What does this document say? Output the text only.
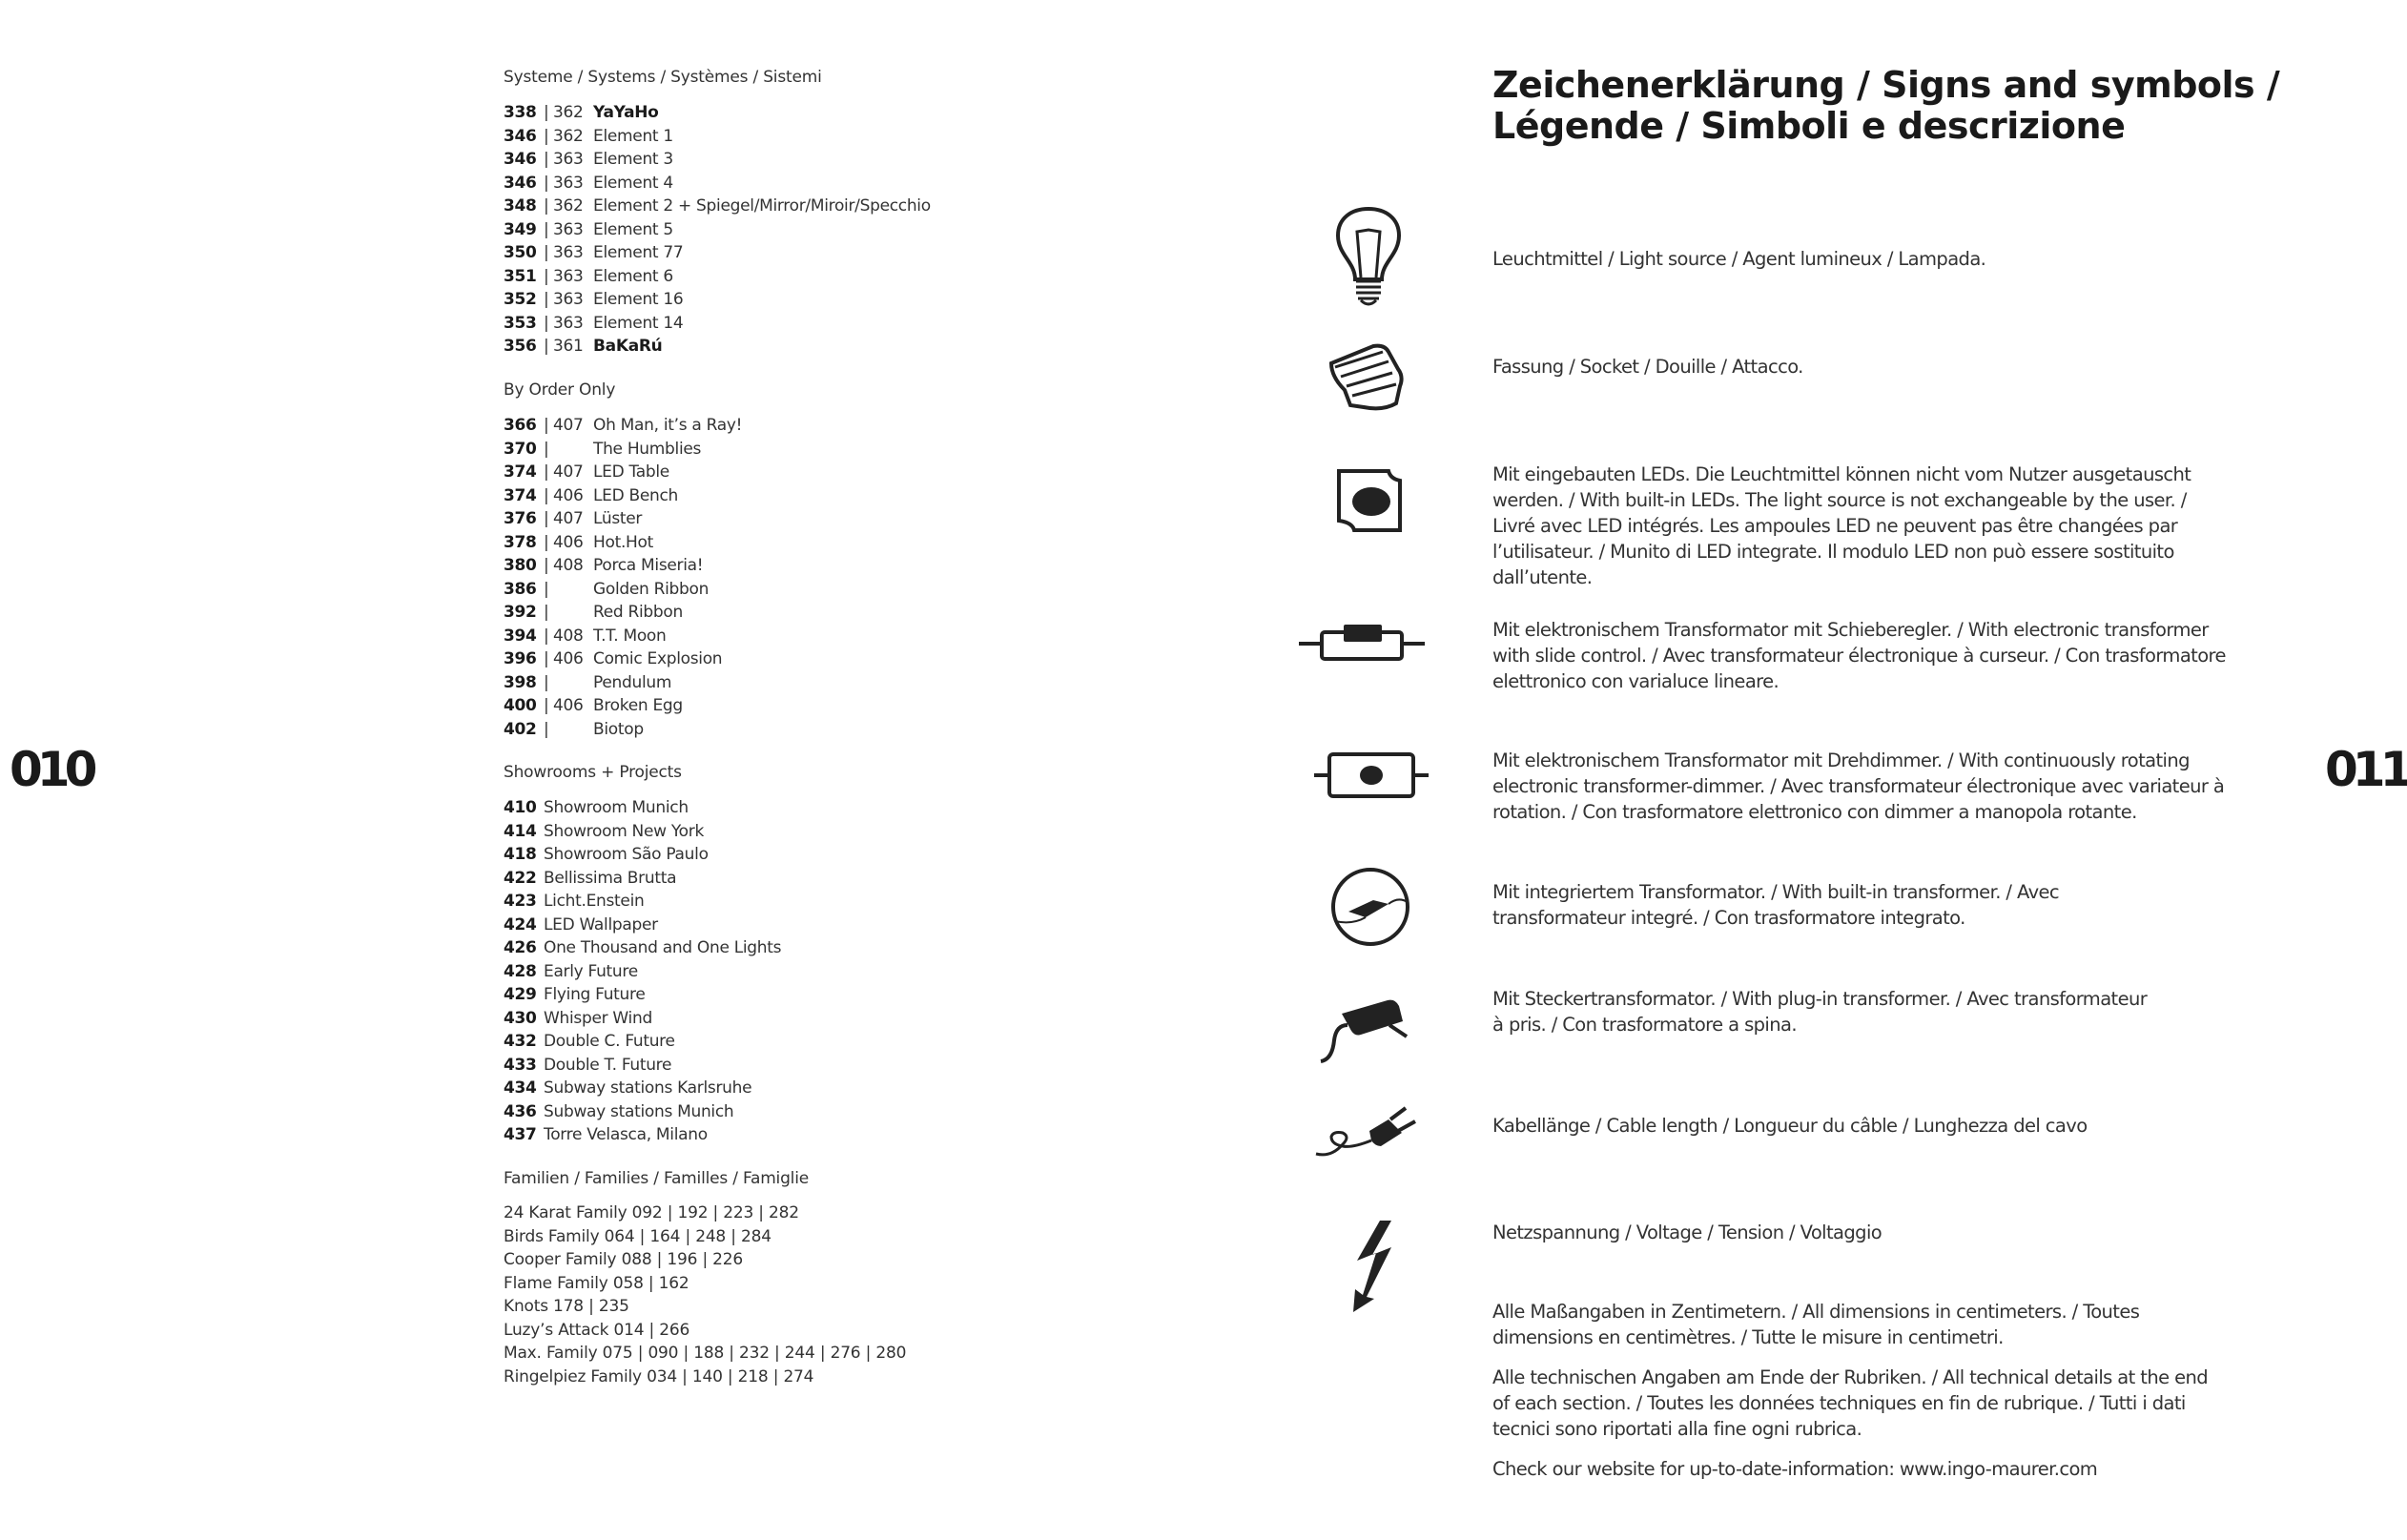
010	011
Systeme / Systems / Systèmes / Sistemi
338 | 362 YaYaHo
346 | 362 Element 1
346 | 363 Element 3
346 | 363 Element 4
348 | 362 Element 2 + Spiegel/Mirror/Miroir/Specchio
349 | 363 Element 5
350 | 363 Element 77
351 | 363 Element 6
352 | 363 Element 16
353 | 363 Element 14
356 | 361 BaKaRú
By Order Only
366 | 407 Oh Man, it’s a Ray!
370 |	The Humblies
374 | 407 LED Table
374 | 406 LED Bench
376 | 407 Lüster
378 | 406 Hot.Hot
380 | 408 Porca Miseria!
386 |	Golden Ribbon
392 |	Red Ribbon
394 | 408 T.T. Moon
396 | 406 Comic Explosion
398 |	Pendulum
400 | 406 Broken Egg
402 |	Biotop
Showrooms + Projects
410 Showroom Munich
414 Showroom New York
418 Showroom São Paulo
422 Bellissima Brutta
423 Licht.Enstein
424 LED Wallpaper
426 One Thousand and One Lights
428 Early Future
429 Flying Future
430 Whisper Wind
432 Double C. Future
433 Double T. Future
434 Subway stations Karlsruhe
436 Subway stations Munich
437 Torre Velasca, Milano
Familien / Families / Familles / Famiglie
24 Karat Family 092 | 192 | 223 | 282
Birds Family 064 | 164 | 248 | 284
Cooper Family 088 | 196 | 226
Flame Family 058 | 162
Knots 178 | 235
Luzy’s Attack 014 | 266
Max. Family 075 | 090 | 188 | 232 | 244 | 276 | 280
Ringelpiez Family 034 | 140 | 218 | 274
Zeichenerklärung / Signs and symbols /
Légende / Simboli e descrizione
Leuchtmittel / Light source / Agent lumineux / Lampada.
Fassung / Socket / Douille / Attacco.
Mit eingebauten LEDs. Die Leuchtmittel können nicht vom Nutzer ausgetauscht werden. / With built-in LEDs. The light source is not exchangeable by the user. / Livré avec LED intégrés. Les ampoules LED ne peuvent pas être changées par l’utilisateur. / Munito di LED integrate. Il modulo LED non può essere sostituito dall’utente.
Mit elektronischem Transformator mit Schieberegler. / With electronic transformer with slide control. / Avec transformateur électronique à curseur. / Con trasformatore elettronico con varialuce lineare.
Mit elektronischem Transformator mit Drehdimmer. / With continuously rotating electronic transformer-dimmer. / Avec transformateur électronique avec variateur à rotation. / Con trasformatore elettronico con dimmer a manopola rotante.
Mit integriertem Transformator. / With built-in transformer. / Avec transformateur integré. / Con trasformatore integrato.
Mit Steckertransformator. / With plug-in transformer. / Avec transformateur à pris. / Con trasformatore a spina.
Kabellänge / Cable length / Longueur du câble / Lunghezza del cavo
Netzspannung / Voltage / Tension / Voltaggio
Alle Maßangaben in Zentimetern. / All dimensions in centimeters. / Toutes dimensions en centimètres. / Tutte le misure in centimetri.
Alle technischen Angaben am Ende der Rubriken. / All technical details at the end of each section. / Toutes les données techniques en fin de rubrique. / Tutti i dati tecnici sono riportati alla fine ogni rubrica.
Check our website for up-to-date-information: www.ingo-maurer.com
